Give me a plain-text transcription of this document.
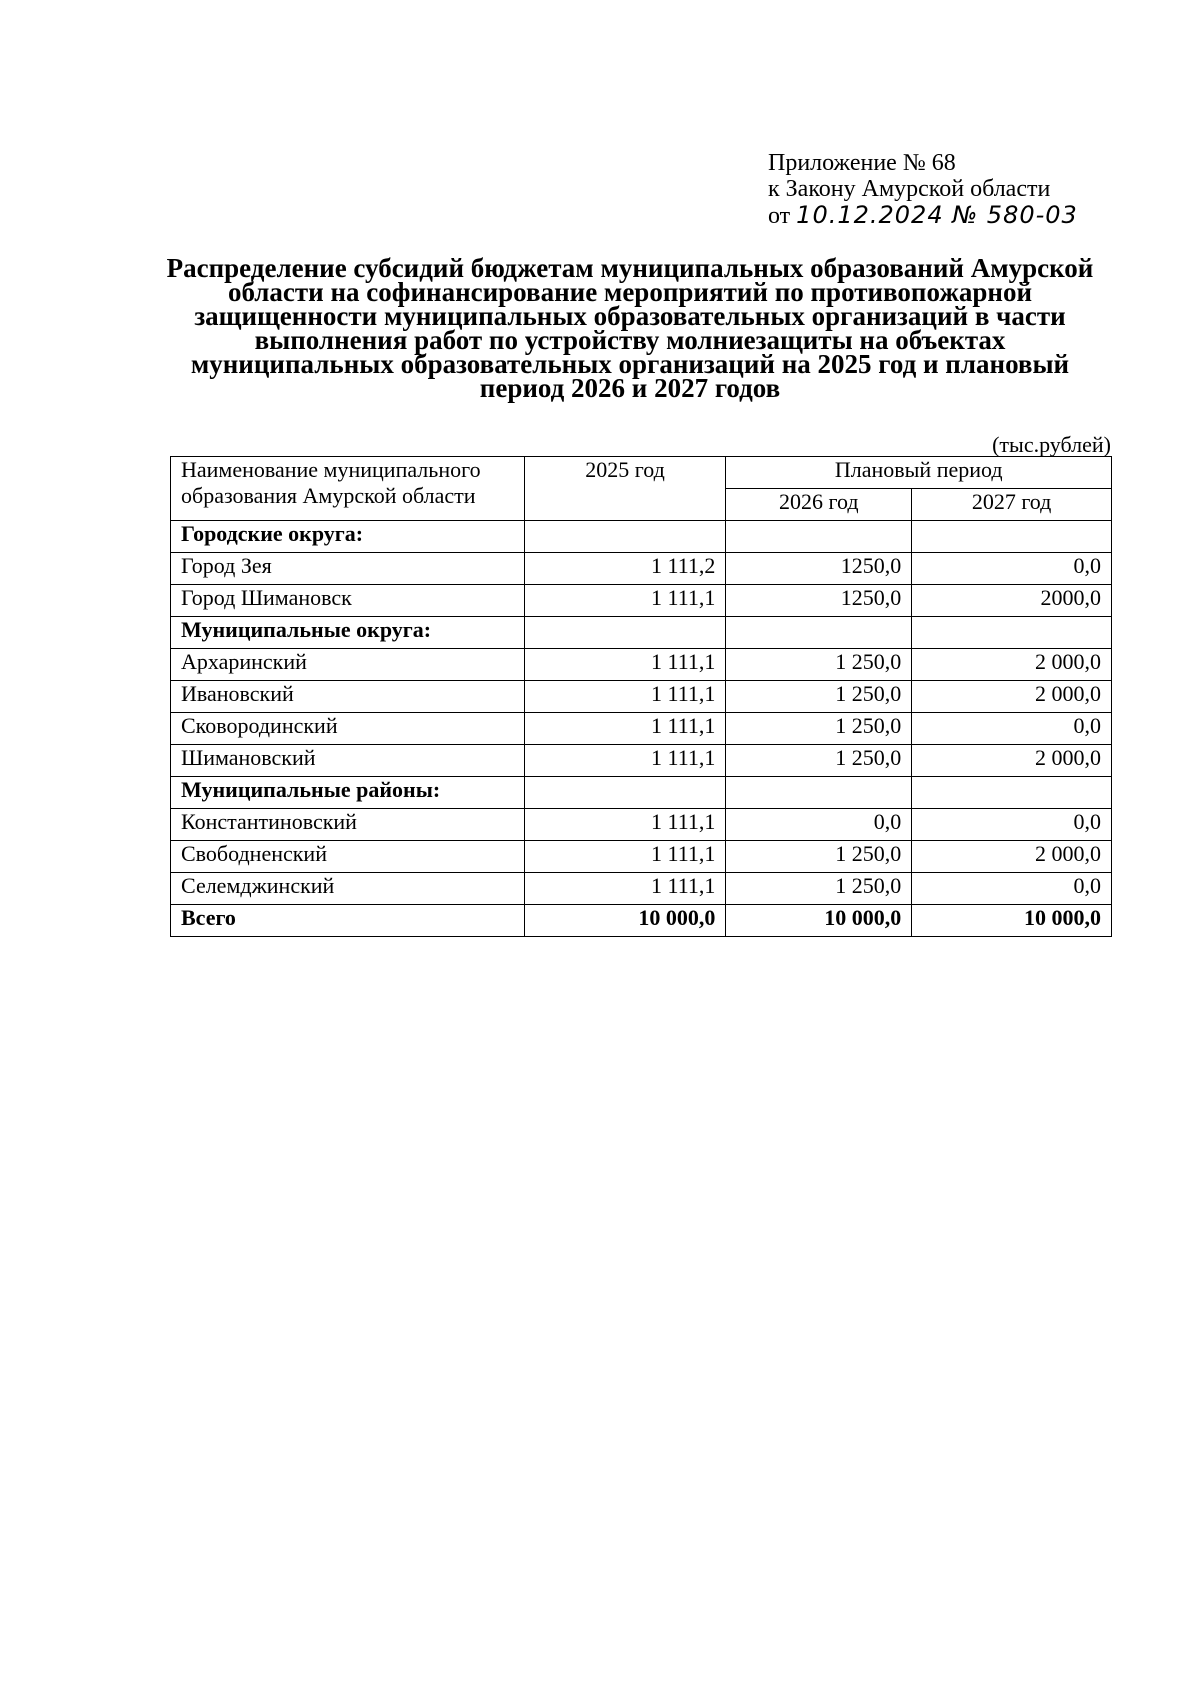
Приложение № 68
к Закону Амурской области
от 10.12.2024 № 580-03
Распределение субсидий бюджетам муниципальных образований Амурской области на софинансирование мероприятий по противопожарной защищенности муниципальных образовательных организаций в части выполнения работ по устройству молниезащиты на объектах муниципальных образовательных организаций на 2025 год и плановый период 2026 и 2027 годов
(тыс.рублей)
Наименование муниципального образования Амурской области	2025 год	Плановый период	
		2026 год	2027 год
Городские округа:			
Город Зея	1 111,2	1250,0	0,0
Город Шимановск	1 111,1	1250,0	2000,0
Муниципальные округа:			
Архаринский	1 111,1	1 250,0	2 000,0
Ивановский	1 111,1	1 250,0	2 000,0
Сковородинский	1 111,1	1 250,0	0,0
Шимановский	1 111,1	1 250,0	2 000,0
Муниципальные районы:			
Константиновский	1 111,1	0,0	0,0
Свободненский	1 111,1	1 250,0	2 000,0
Селемджинский	1 111,1	1 250,0	0,0
Всего	10 000,0	10 000,0	10 000,0
